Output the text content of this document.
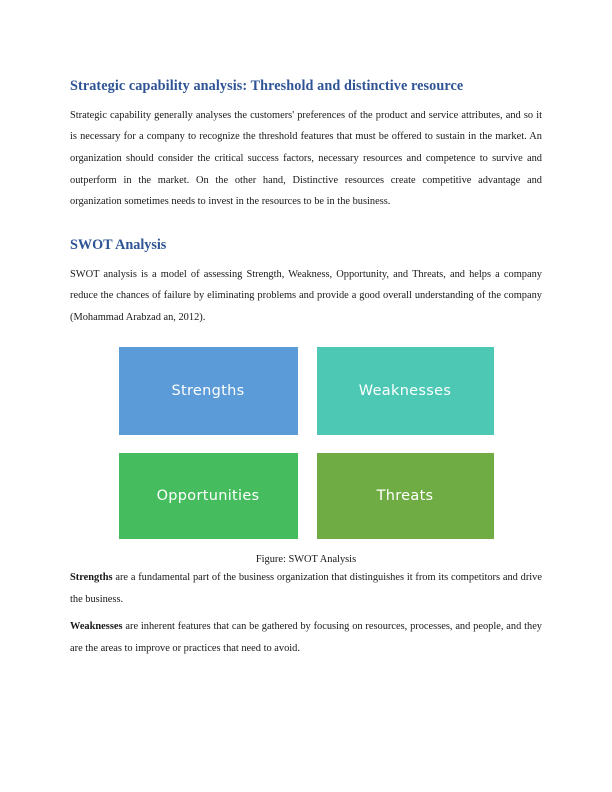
Strategic capability analysis: Threshold and distinctive resource

Strategic capability generally analyses the customers' preferences of the product and service attributes, and so it is necessary for a company to recognize the threshold features that must be offered to sustain in the market. An organization should consider the critical success factors, necessary resources and competence to survive and outperform in the market. On the other hand, Distinctive resources create competitive advantage and organization sometimes needs to invest in the resources to be in the business.

SWOT Analysis

SWOT analysis is a model of assessing Strength, Weakness, Opportunity, and Threats, and helps a company reduce the chances of failure by eliminating problems and provide a good overall understanding of the company (Mohammad Arabzad an, 2012).

Strengths	Weaknesses
Opportunities	Threats

Figure: SWOT Analysis

Strengths are a fundamental part of the business organization that distinguishes it from its competitors and drive the business.

Weaknesses are inherent features that can be gathered by focusing on resources, processes, and people, and they are the areas to improve or practices that need to avoid.
